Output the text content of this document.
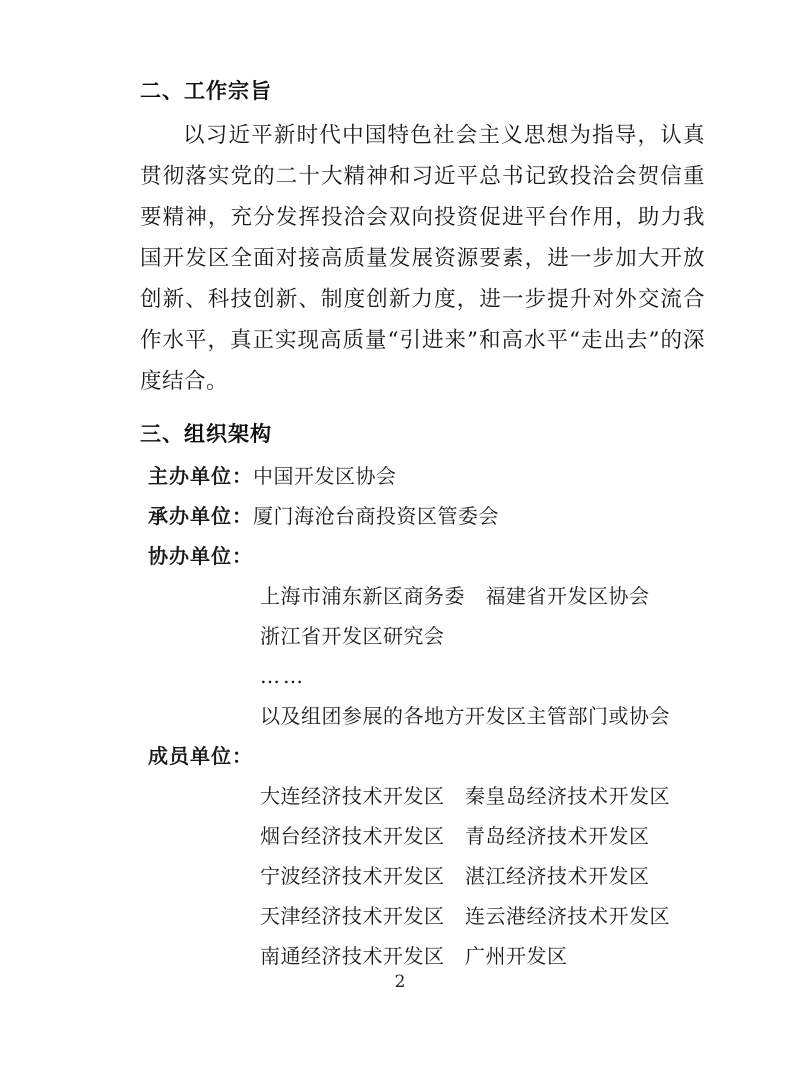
二、工作宗旨

以习近平新时代中国特色社会主义思想为指导，认真贯彻落实党的二十大精神和习近平总书记致投洽会贺信重要精神，充分发挥投洽会双向投资促进平台作用，助力我国开发区全面对接高质量发展资源要素，进一步加大开放创新、科技创新、制度创新力度，进一步提升对外交流合作水平，真正实现高质量“引进来”和高水平“走出去”的深度结合。

三、组织架构

主办单位：中国开发区协会

承办单位：厦门海沧台商投资区管委会

协办单位：

上海市浦东新区商务委　福建省开发区协会
浙江省开发区研究会
……
以及组团参展的各地方开发区主管部门或协会

成员单位：

大连经济技术开发区　秦皇岛经济技术开发区
烟台经济技术开发区　青岛经济技术开发区
宁波经济技术开发区　湛江经济技术开发区
天津经济技术开发区　连云港经济技术开发区
南通经济技术开发区　广州开发区
2
